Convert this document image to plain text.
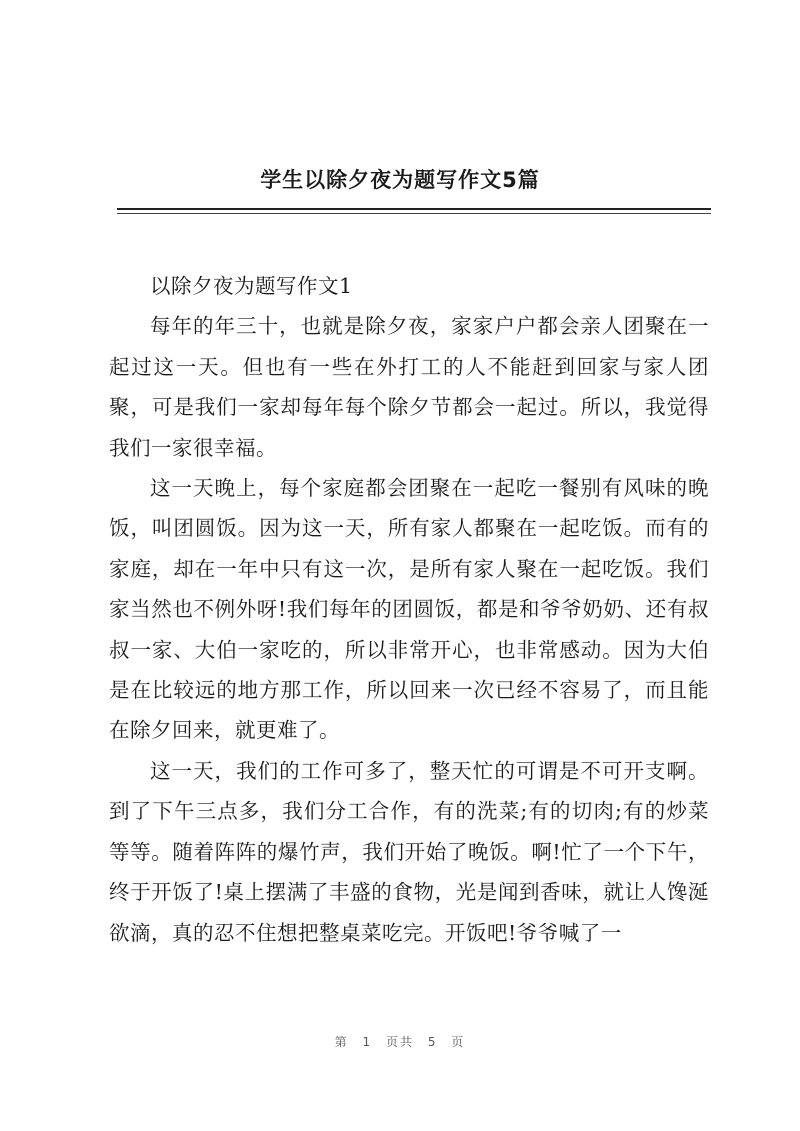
学生以除夕夜为题写作文5篇

以除夕夜为题写作文1

每年的年三十，也就是除夕夜，家家户户都会亲人团聚在一起过这一天。但也有一些在外打工的人不能赶到回家与家人团聚，可是我们一家却每年每个除夕节都会一起过。所以，我觉得我们一家很幸福。

这一天晚上，每个家庭都会团聚在一起吃一餐别有风味的晚饭，叫团圆饭。因为这一天，所有家人都聚在一起吃饭。而有的家庭，却在一年中只有这一次，是所有家人聚在一起吃饭。我们家当然也不例外呀!我们每年的团圆饭，都是和爷爷奶奶、还有叔叔一家、大伯一家吃的，所以非常开心，也非常感动。因为大伯是在比较远的地方那工作，所以回来一次已经不容易了，而且能在除夕回来，就更难了。

这一天，我们的工作可多了，整天忙的可谓是不可开支啊。到了下午三点多，我们分工合作，有的洗菜;有的切肉;有的炒菜等等。随着阵阵的爆竹声，我们开始了晚饭。啊!忙了一个下午，终于开饭了!桌上摆满了丰盛的食物，光是闻到香味，就让人馋涎欲滴，真的忍不住想把整桌菜吃完。开饭吧!爷爷喊了一

第 1 页共 5 页
